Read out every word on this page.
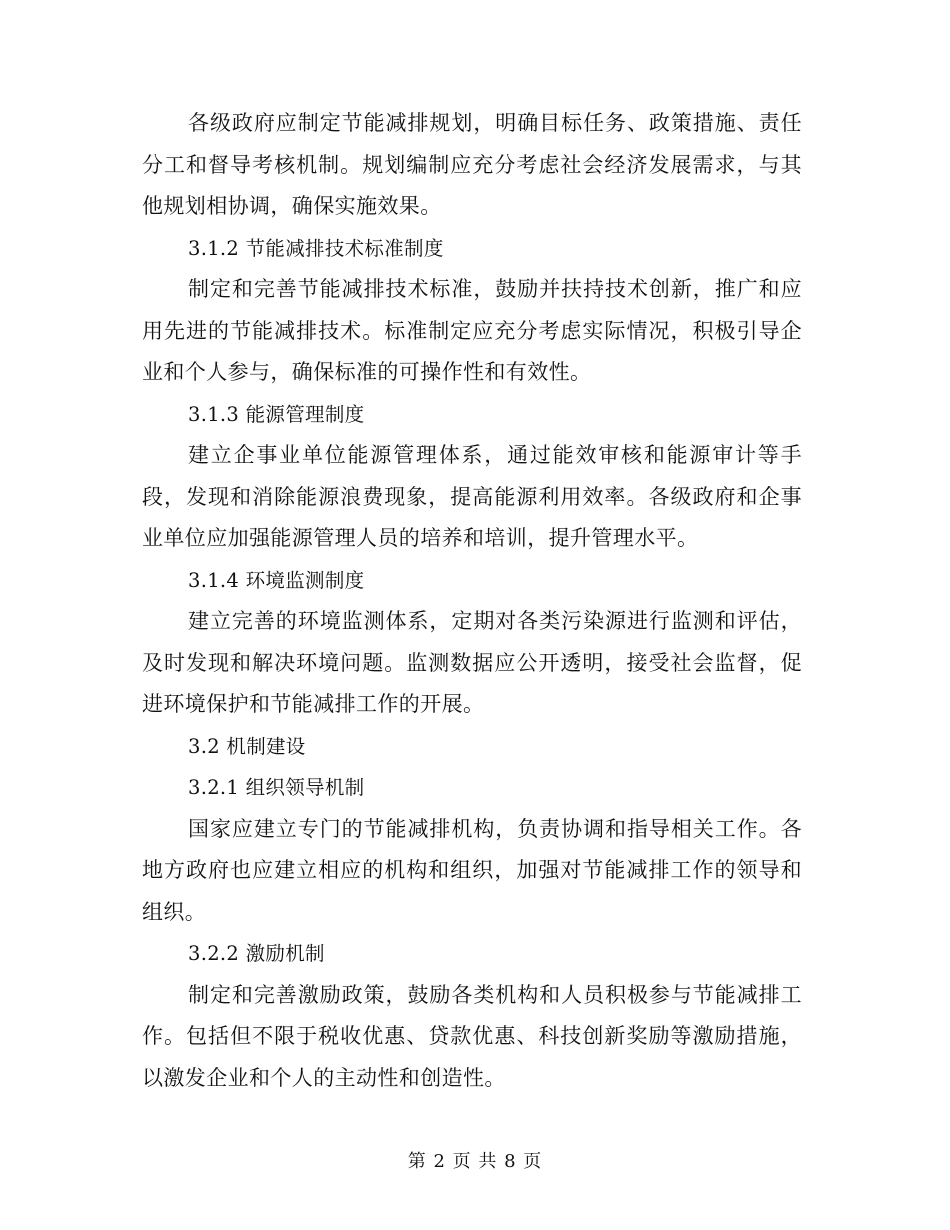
各级政府应制定节能减排规划，明确目标任务、政策措施、责任分工和督导考核机制。规划编制应充分考虑社会经济发展需求，与其他规划相协调，确保实施效果。

3.1.2 节能减排技术标准制度

制定和完善节能减排技术标准，鼓励并扶持技术创新，推广和应用先进的节能减排技术。标准制定应充分考虑实际情况，积极引导企业和个人参与，确保标准的可操作性和有效性。

3.1.3 能源管理制度

建立企事业单位能源管理体系，通过能效审核和能源审计等手段，发现和消除能源浪费现象，提高能源利用效率。各级政府和企事业单位应加强能源管理人员的培养和培训，提升管理水平。

3.1.4 环境监测制度

建立完善的环境监测体系，定期对各类污染源进行监测和评估，及时发现和解决环境问题。监测数据应公开透明，接受社会监督，促进环境保护和节能减排工作的开展。

3.2 机制建设

3.2.1 组织领导机制

国家应建立专门的节能减排机构，负责协调和指导相关工作。各地方政府也应建立相应的机构和组织，加强对节能减排工作的领导和组织。

3.2.2 激励机制

制定和完善激励政策，鼓励各类机构和人员积极参与节能减排工作。包括但不限于税收优惠、贷款优惠、科技创新奖励等激励措施，以激发企业和个人的主动性和创造性。

第 2 页 共 8 页
